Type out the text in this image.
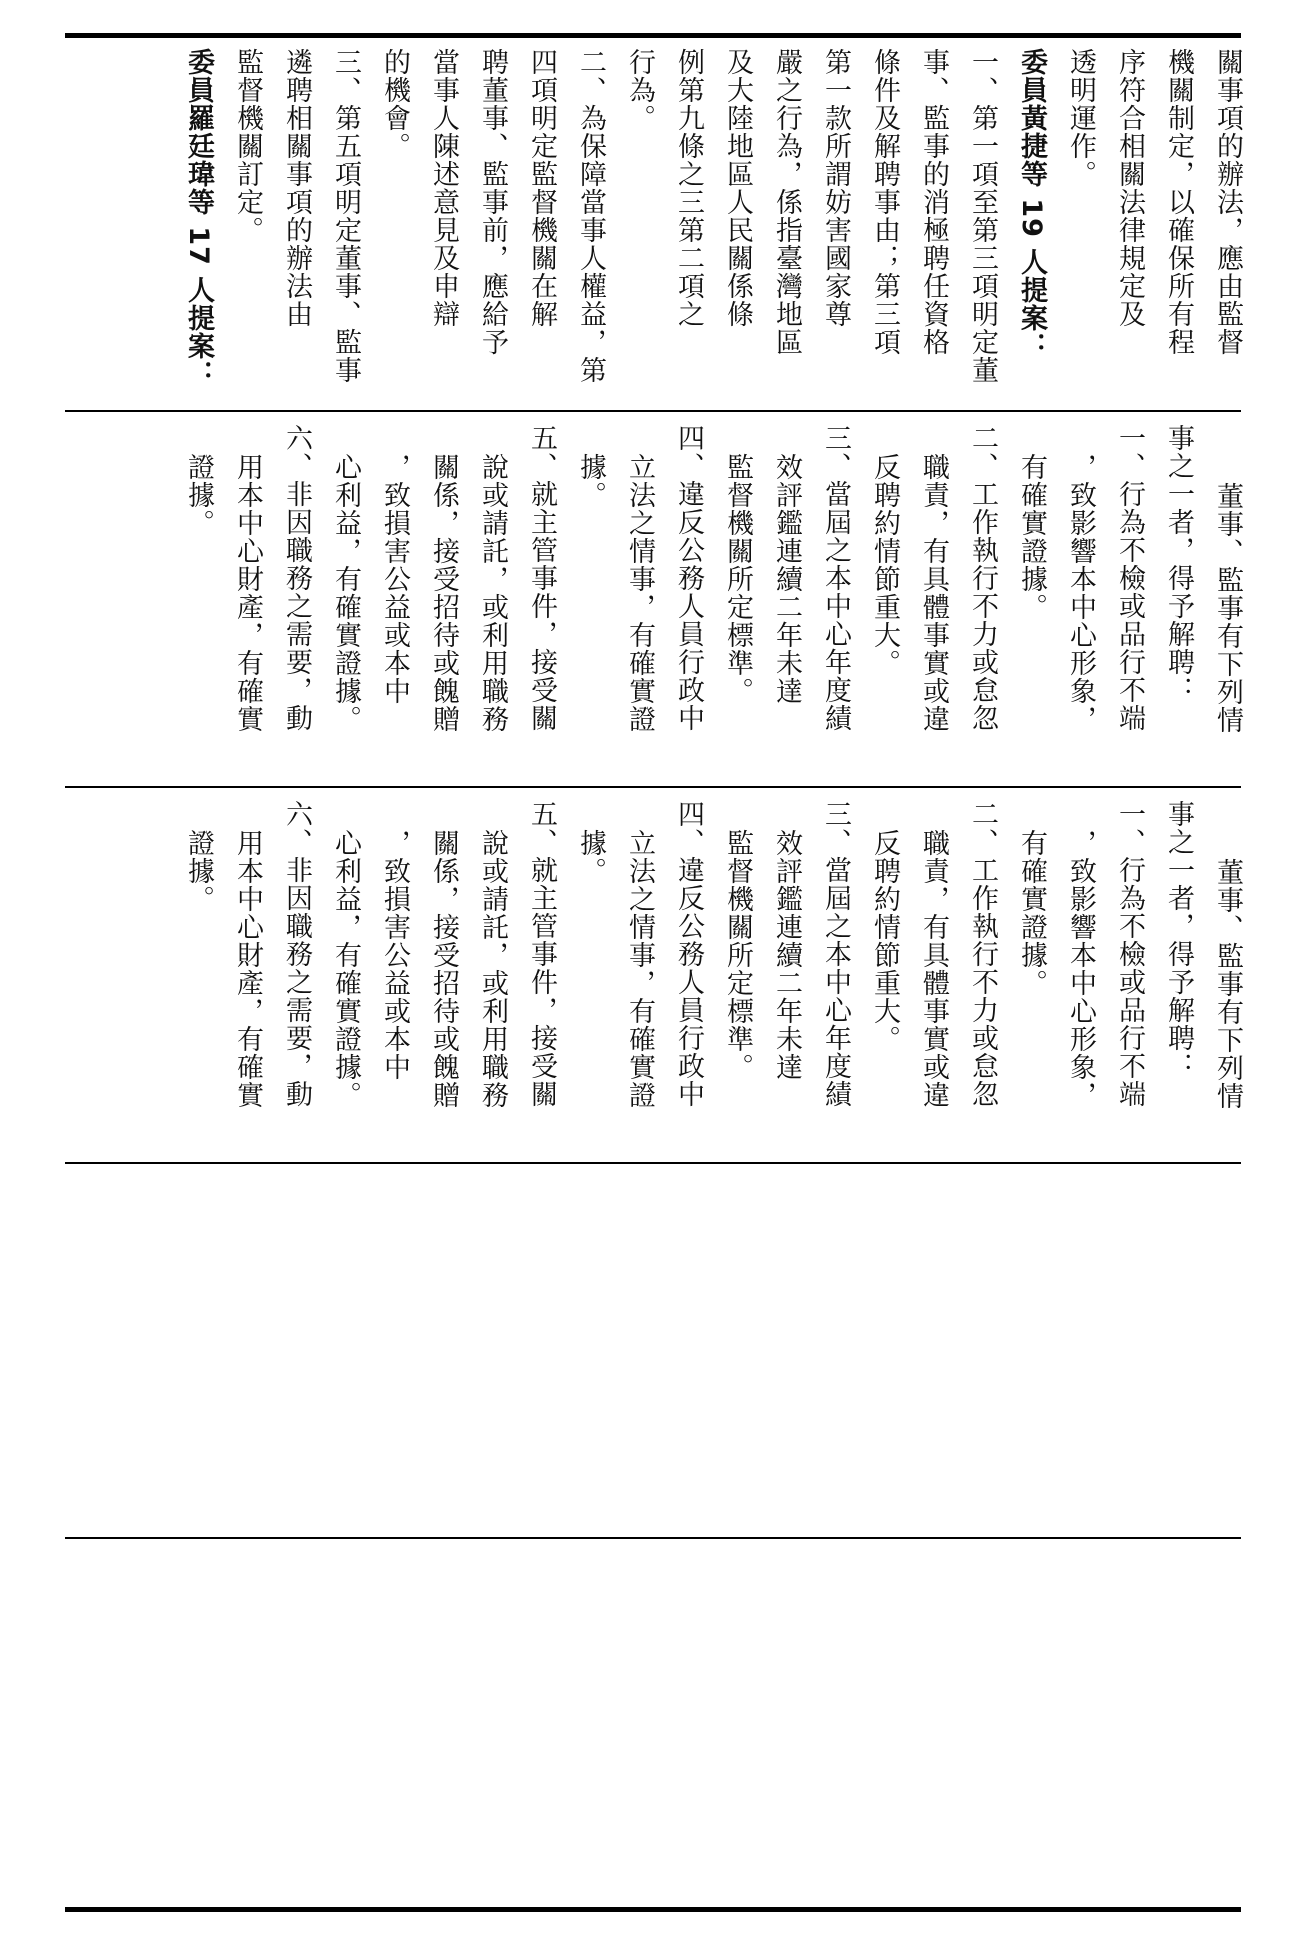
關事項的辦法，應由監督
機關制定，以確保所有程
序符合相關法律規定及
透明運作。
委員黃捷等 19 人提案：
一、第一項至第三項明定董
事、監事的消極聘任資格
條件及解聘事由；第三項
第一款所謂妨害國家尊
嚴之行為，係指臺灣地區
及大陸地區人民關係條
例第九條之三第二項之
行為。
二、為保障當事人權益，第
四項明定監督機關在解
聘董事、監事前，應給予
當事人陳述意見及申辯
的機會。
三、第五項明定董事、監事
遴聘相關事項的辦法由
監督機關訂定。
委員羅廷瑋等 17 人提案：
董事、監事有下列情
事之一者，得予解聘：
一、行為不檢或品行不端
，致影響本中心形象，
有確實證據。
二、工作執行不力或怠忽
職責，有具體事實或違
反聘約情節重大。
三、當屆之本中心年度績
效評鑑連續二年未達
監督機關所定標準。
四、違反公務人員行政中
立法之情事，有確實證
據。
五、就主管事件，接受關
說或請託，或利用職務
關係，接受招待或餽贈
，致損害公益或本中
心利益，有確實證據。
六、非因職務之需要，動
用本中心財產，有確實
證據。
董事、監事有下列情
事之一者，得予解聘：
一、行為不檢或品行不端
，致影響本中心形象，
有確實證據。
二、工作執行不力或怠忽
職責，有具體事實或違
反聘約情節重大。
三、當屆之本中心年度績
效評鑑連續二年未達
監督機關所定標準。
四、違反公務人員行政中
立法之情事，有確實證
據。
五、就主管事件，接受關
說或請託，或利用職務
關係，接受招待或餽贈
，致損害公益或本中
心利益，有確實證據。
六、非因職務之需要，動
用本中心財產，有確實
證據。
